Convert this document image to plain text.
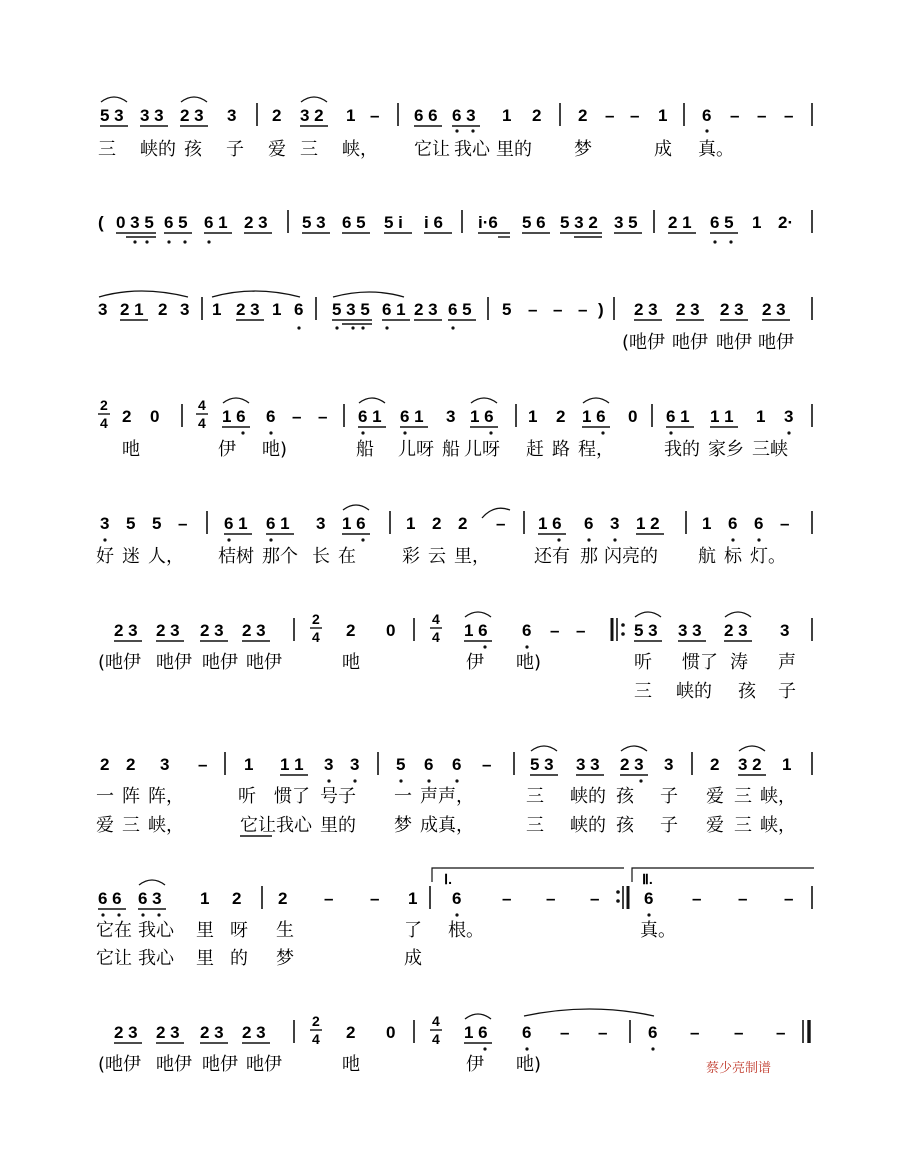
5 3 3 3 2 3 3 2 3 2 1 – 6 6 6 3 1 2 2 – – 1 6 – – –
三 峡的 孩 子 爱 三 峡， 它让 我心 里的 梦	成 真。
( 0 3 5 6 5 6 1 2 3 5 3 6 5 5 i i 6 i·6 5 6 5 3 2 3 5 2 1 6 5 1 2·
3 2 1 2 3 1 2 3 1 6 5 3 5 6 1 2 3 6 5 5 – – – ) 2 3 2 3 2 3 2 3
(吔伊 吔伊 吔伊 吔伊
2
4
4
4
2 0	1 6 6 – – 6 1 6 1 3 1 6 1 2 1 6 0 6 1 1 1 1 3
吔	伊 吔)	船 儿呀 船 儿呀 赶 路 程，	我的 家乡 三峡
3 5 5 – 6 1 6 1 3 1 6 1 2 2 – 1 6 6 3 1 2 1 6 6 –
好 迷 人， 桔树 那个 长 在	彩 云 里， 还有 那 闪亮的 航 标 灯。
2 3 2 3 2 3 2 3	2 0	1 6 6 – –	5 3 3 3 2 3 3
2
4
4
4
(吔伊 吔伊 吔伊 吔伊	吔	伊 吔)	听 惯了 涛 声
三 峡的 孩 子
2 2 3 – 1 1 1 3 3 5 6 6 – 5 3 3 3 2 3 3 2 3 2 1
一 阵 阵，	听 惯了 号子 一 声声，	三 峡的 孩 子 爱 三 峡，
爱 三 峡，	它让 我心 里的 梦 成真，	三 峡的 孩 子 爱 三 峡，
Ⅰ.	Ⅱ.
6 6 6 3 1 2 2 – – 1 6 – – –	6 – – –
它在 我心 里 呀 生	了 根。	真。
它让 我心 里 的 梦	成
2 3 2 3 2 3 2 3	2 0	1 6 6 – – 6 – – –
2
4
4
4
(吔伊 吔伊 吔伊 吔伊	吔	伊 吔)	蔡少亮制谱
